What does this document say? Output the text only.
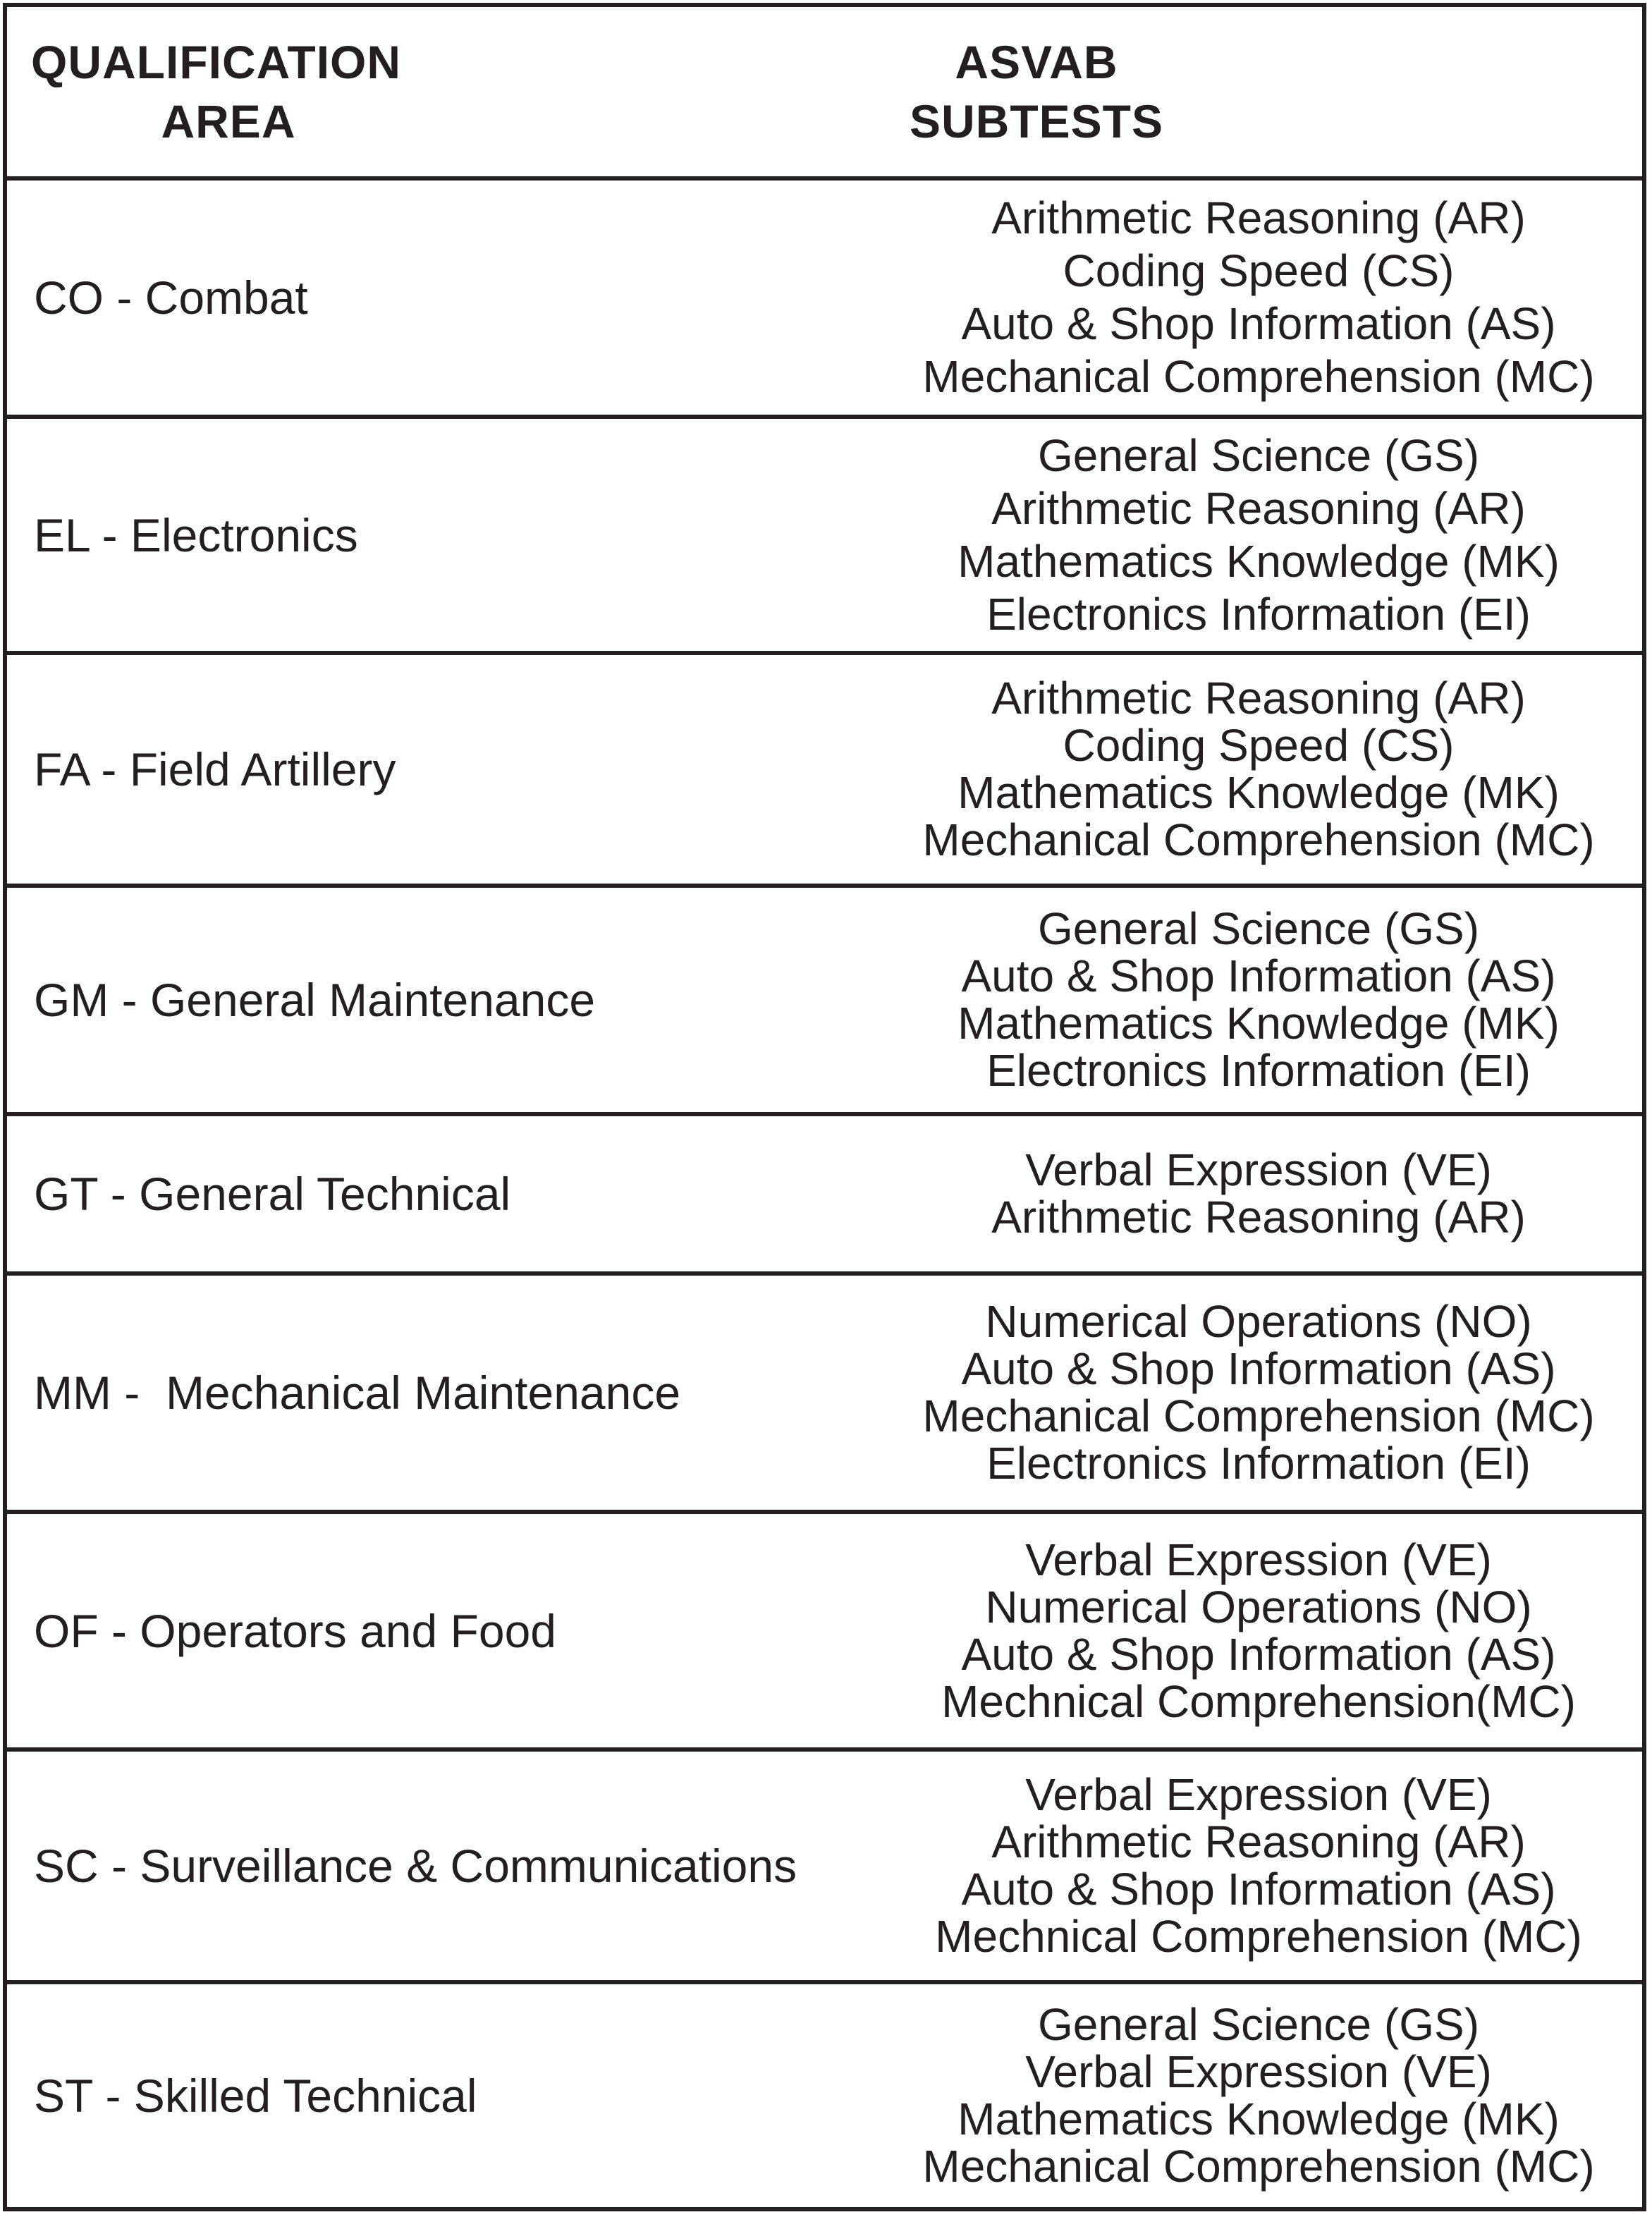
QUALIFICATION
AREA
ASVAB
SUBTESTS
CO - Combat
Arithmetic Reasoning (AR)
Coding Speed (CS)
Auto & Shop Information (AS)
Mechanical Comprehension (MC)
EL - Electronics
General Science (GS)
Arithmetic Reasoning (AR)
Mathematics Knowledge (MK)
Electronics Information (EI)
FA - Field Artillery
Arithmetic Reasoning (AR)
Coding Speed (CS)
Mathematics Knowledge (MK)
Mechanical Comprehension (MC)
GM - General Maintenance
General Science (GS)
Auto & Shop Information (AS)
Mathematics Knowledge (MK)
Electronics Information (EI)
GT - General Technical	Verbal Expression (VE)
Arithmetic Reasoning (AR)
MM -  Mechanical Maintenance
Numerical Operations (NO)
Auto & Shop Information (AS)
Mechanical Comprehension (MC)
Electronics Information (EI)
OF - Operators and Food
Verbal Expression (VE)
Numerical Operations (NO)
Auto & Shop Information (AS)
Mechnical Comprehension(MC)
SC - Surveillance & Communications
Verbal Expression (VE)
Arithmetic Reasoning (AR)
Auto & Shop Information (AS)
Mechnical Comprehension (MC)
ST - Skilled Technical
General Science (GS)
Verbal Expression (VE)
Mathematics Knowledge (MK)
Mechanical Comprehension (MC)
